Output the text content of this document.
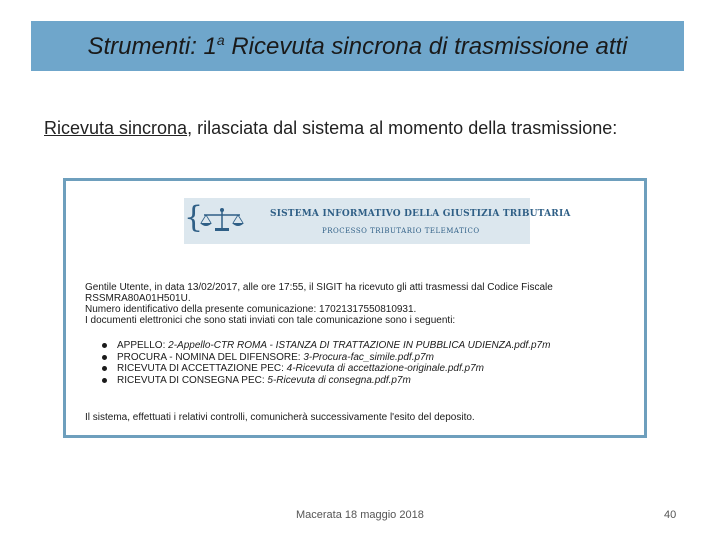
Strumenti: 1$^a$ Ricevuta sincrona di trasmissione atti
Ricevuta sincrona, rilasciata dal sistema al momento della trasmissione:
{	SISTEMA INFORMATIVO DELLA GIUSTIZIA TRIBUTARIA
PROCESSO TRIBUTARIO TELEMATICO

Gentile Utente, in data 13/02/2017, alle ore 17:55, il SIGIT ha ricevuto gli atti trasmessi dal Codice Fiscale

RSSMRA80A01H501U.

Numero identificativo della presente comunicazione: 17021317550810931.

I documenti elettronici che sono stati inviati con tale comunicazione sono i seguenti:

APPELLO: 2-Appello-CTR ROMA - ISTANZA DI TRATTAZIONE IN PUBBLICA UDIENZA.pdf.p7m
PROCURA - NOMINA DEL DIFENSORE: 3-Procura-fac_simile.pdf.p7m
RICEVUTA DI ACCETTAZIONE PEC: 4-Ricevuta di accettazione-originale.pdf.p7m
RICEVUTA DI CONSEGNA PEC: 5-Ricevuta di consegna.pdf.p7m

Il sistema, effettuati i relativi controlli, comunicherà successivamente l'esito del deposito.

Macerata 18 maggio 2018	40
